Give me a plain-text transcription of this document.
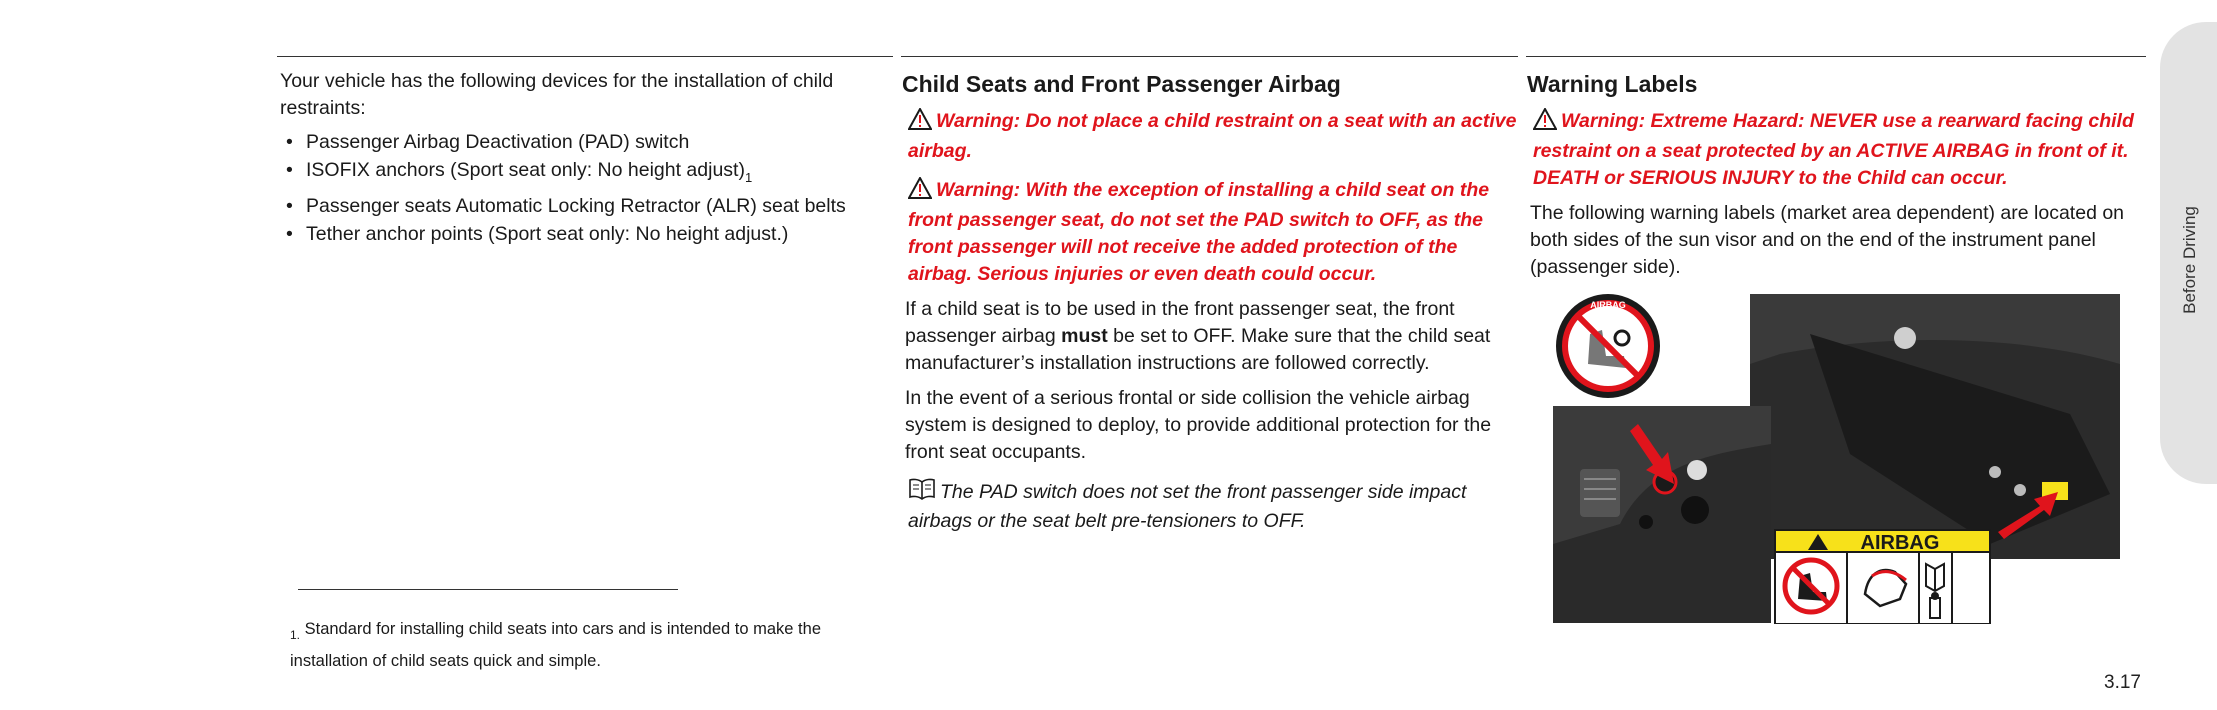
Your vehicle has the following devices for the installation of child restraints:

• Passenger Airbag Deactivation (PAD) switch
• ISOFIX anchors (Sport seat only: No height $adjust)_1$
• Passenger seats Automatic Locking Retractor (ALR) seat belts
• Tether anchor points (Sport seat only: No height adjust.)

$_{1.}$ Standard for installing child seats into cars and is intended to make the installation of child seats quick and simple.

Child Seats and Front Passenger Airbag

Warning: Do not place a child restraint on a seat with an active airbag.

Warning: With the exception of installing a child seat on the front passenger seat, do not set the PAD switch to OFF, as the front passenger will not receive the added protection of the airbag. Serious injuries or even death could occur.

If a child seat is to be used in the front passenger seat, the front passenger airbag must be set to OFF. Make sure that the child seat manufacturer’s installation instructions are followed correctly.

In the event of a serious frontal or side collision the vehicle airbag system is designed to deploy, to provide additional protection for the front seat occupants.

The PAD switch does not set the front passenger side impact airbags or the seat belt pre-tensioners to OFF.

Warning Labels

Warning: Extreme Hazard: NEVER use a rearward facing child restraint on a seat protected by an ACTIVE AIRBAG in front of it. DEATH or SERIOUS INJURY to the Child can occur.

The following warning labels (market area dependent) are located on both sides of the sun visor and on the end of the instrument panel (passenger side).

AIRBAG
AIRBAG
Before Driving
3.17
